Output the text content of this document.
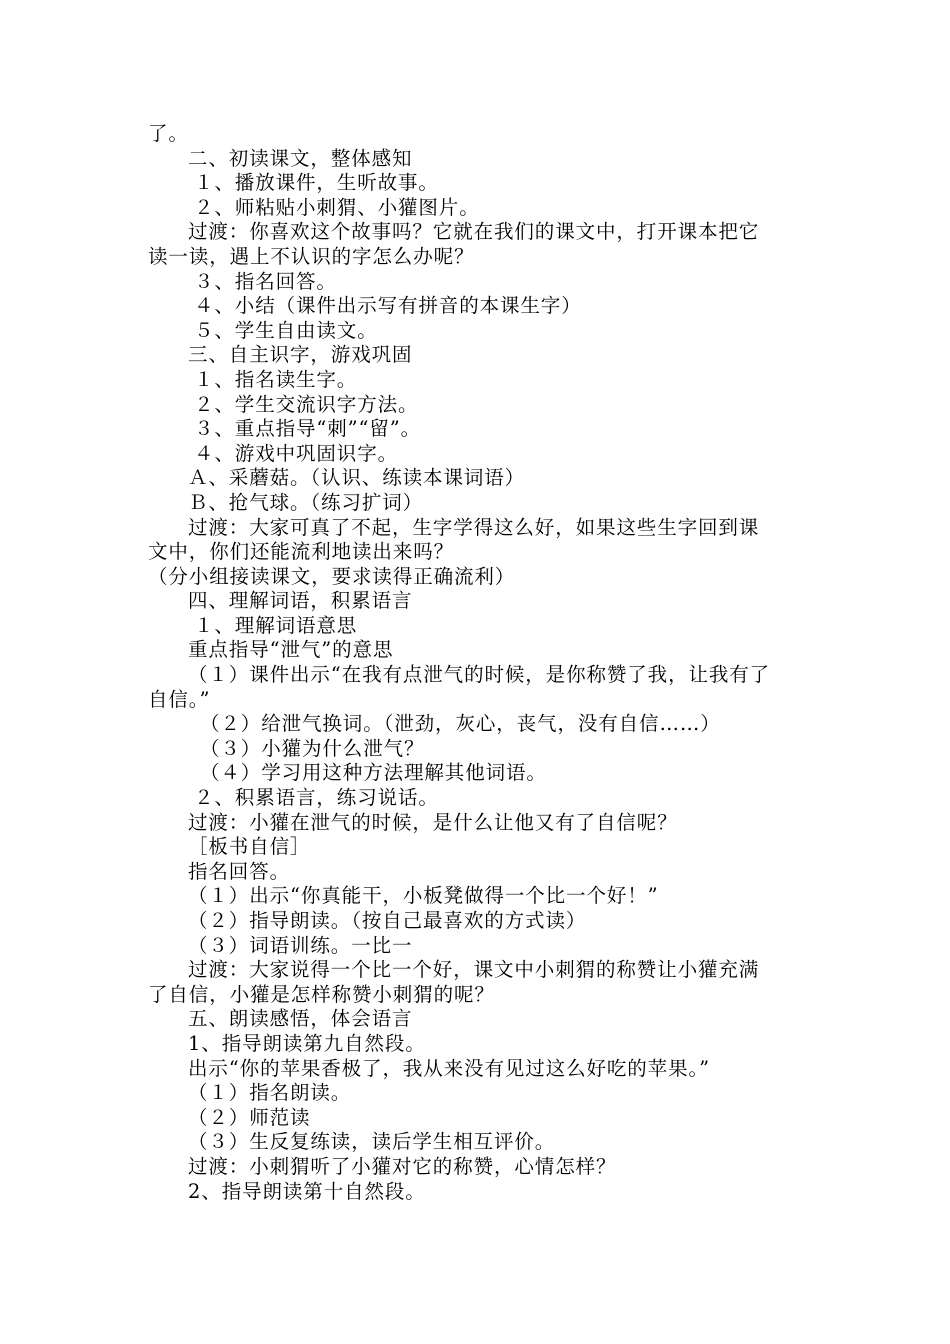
了。
二、初读课文，整体感知
１、播放课件，生听故事。
２、师粘贴小刺猬、小獾图片。
过渡：你喜欢这个故事吗？它就在我们的课文中，打开课本把它
读一读，遇上不认识的字怎么办呢？
３、指名回答。
４、小结（课件出示写有拼音的本课生字）
５、学生自由读文。
三、自主识字，游戏巩固
１、指名读生字。
２、学生交流识字方法。
３、重点指导“刺”“留”。
４、游戏中巩固识字。
Ａ、采蘑菇。（认识、练读本课词语）
Ｂ、抢气球。（练习扩词）
过渡：大家可真了不起，生字学得这么好，如果这些生字回到课
文中，你们还能流利地读出来吗？
（分小组接读课文，要求读得正确流利）
四、理解词语，积累语言
１、理解词语意思
重点指导“泄气”的意思
（１）课件出示“在我有点泄气的时候，是你称赞了我，让我有了
自信。”
（２）给泄气换词。（泄劲，灰心，丧气，没有自信……）
（３）小獾为什么泄气？
（４）学习用这种方法理解其他词语。
２、积累语言，练习说话。
过渡：小獾在泄气的时候，是什么让他又有了自信呢？
［板书自信］
指名回答。
（１）出示“你真能干，小板凳做得一个比一个好！”
（２）指导朗读。（按自己最喜欢的方式读）
（３）词语训练。一比一
过渡：大家说得一个比一个好，课文中小刺猬的称赞让小獾充满
了自信，小獾是怎样称赞小刺猬的呢？
五、朗读感悟，体会语言
1、指导朗读第九自然段。
出示“你的苹果香极了，我从来没有见过这么好吃的苹果。”
（１）指名朗读。
（２）师范读
（３）生反复练读，读后学生相互评价。
过渡：小刺猬听了小獾对它的称赞，心情怎样？
2、指导朗读第十自然段。
